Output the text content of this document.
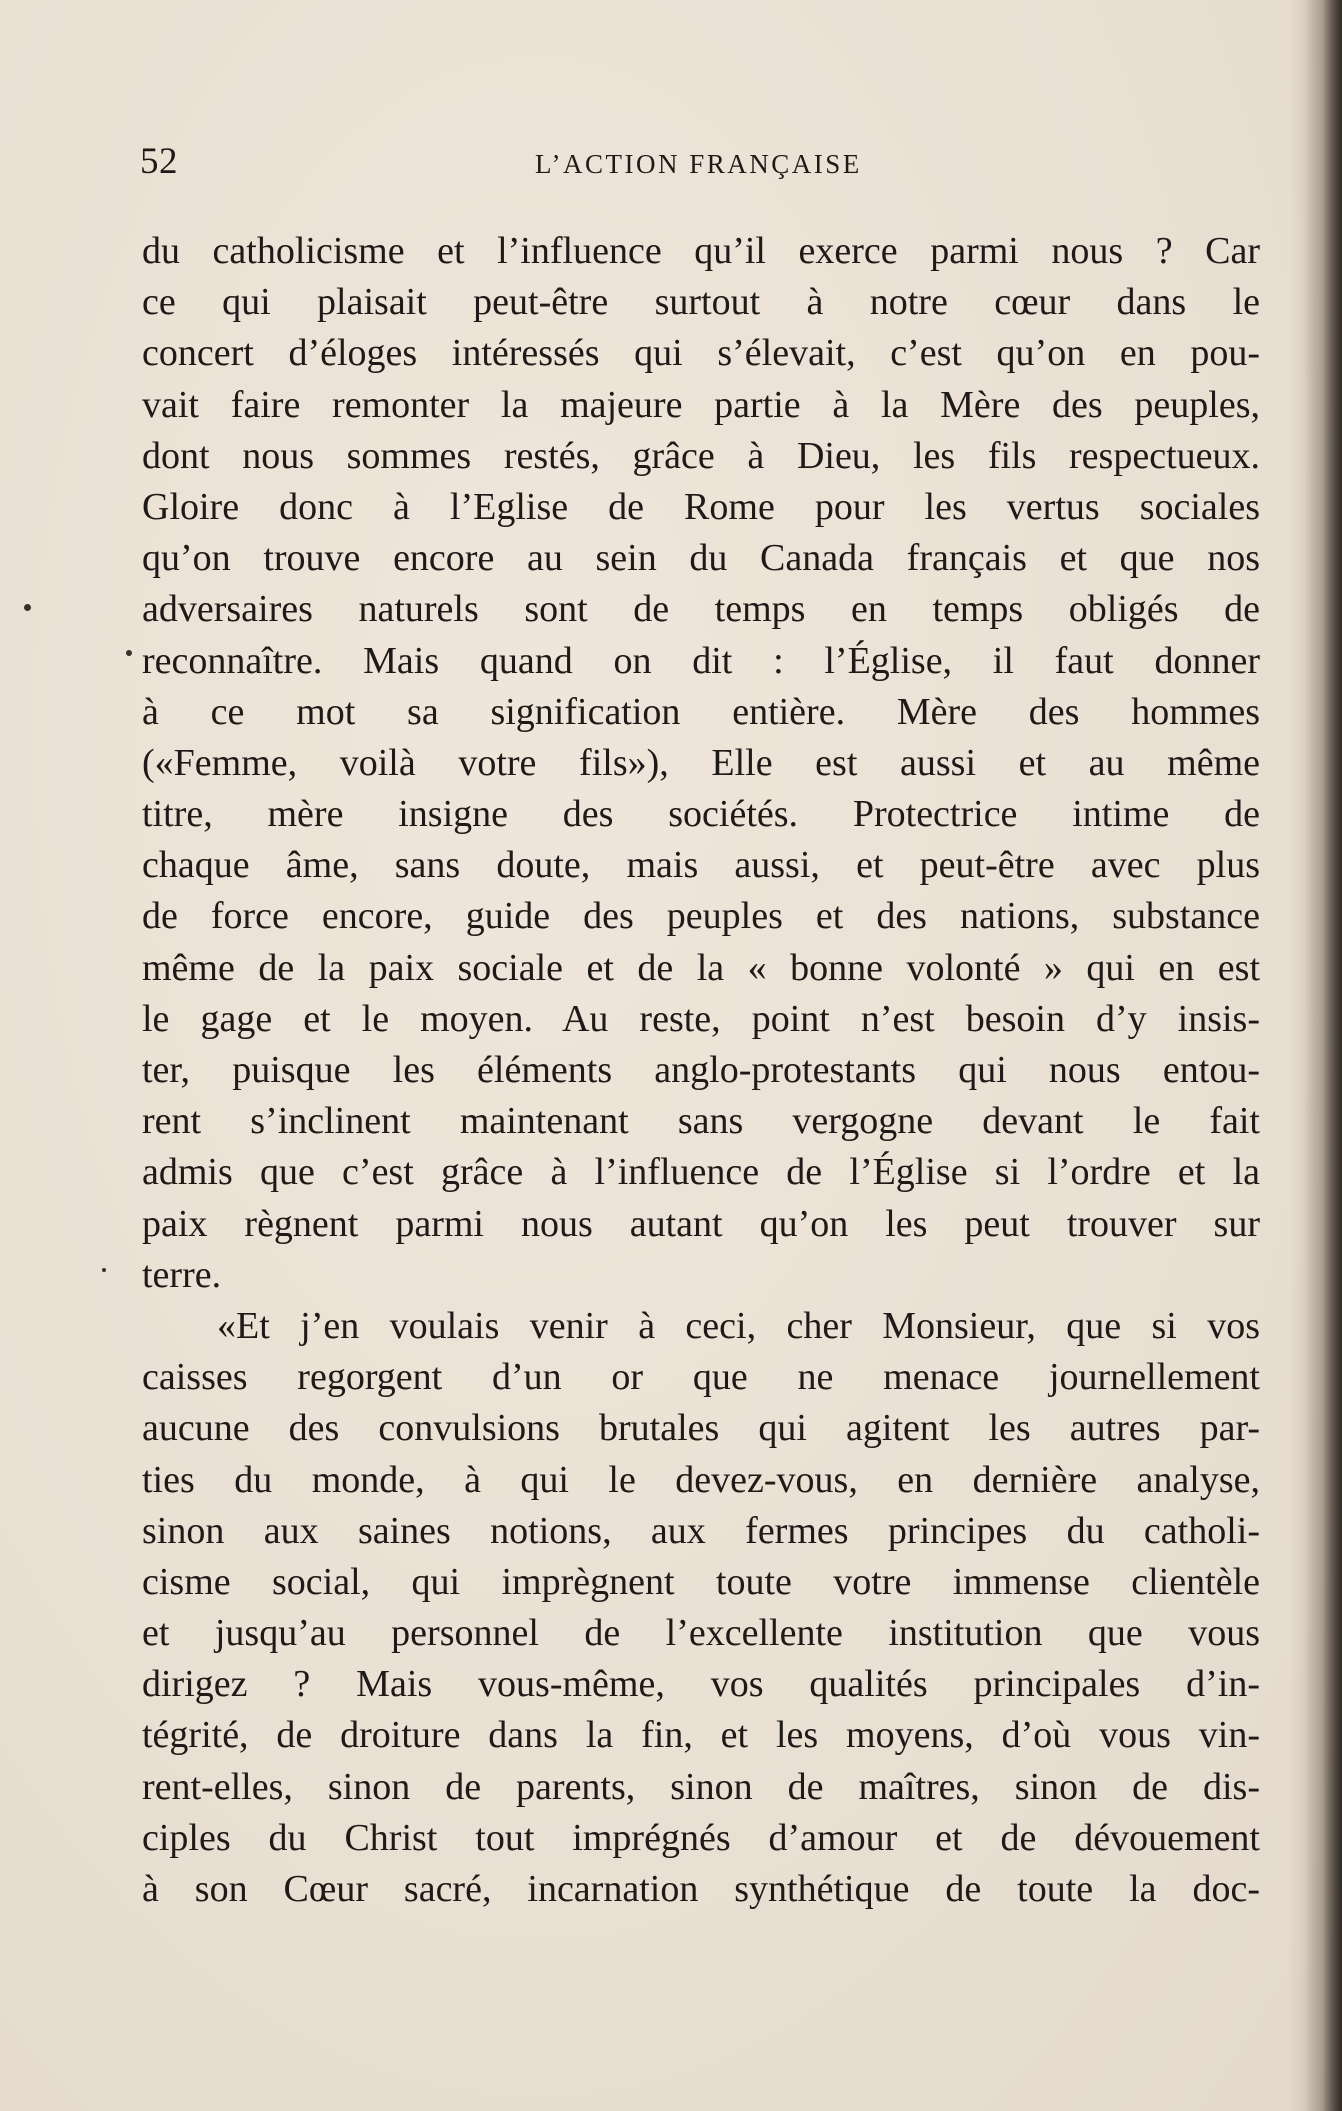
52	L’ACTION FRANÇAISE
du catholicisme et l’influence qu’il exerce parmi nous ? Car
ce qui plaisait peut-être surtout à notre cœur dans le
concert d’éloges intéressés qui s’élevait, c’est qu’on en pou-
vait faire remonter la majeure partie à la Mère des peuples,
dont nous sommes restés, grâce à Dieu, les fils respectueux.
Gloire donc à l’Eglise de Rome pour les vertus sociales
qu’on trouve encore au sein du Canada français et que nos
adversaires naturels sont de temps en temps obligés de
reconnaître. Mais quand on dit : l’Église, il faut donner
à ce mot sa signification entière. Mère des hommes
(«Femme, voilà votre fils»), Elle est aussi et au même
titre, mère insigne des sociétés. Protectrice intime de
chaque âme, sans doute, mais aussi, et peut-être avec plus
de force encore, guide des peuples et des nations, substance
même de la paix sociale et de la « bonne volonté » qui en est
le gage et le moyen. Au reste, point n’est besoin d’y insis-
ter, puisque les éléments anglo-protestants qui nous entou-
rent s’inclinent maintenant sans vergogne devant le fait
admis que c’est grâce à l’influence de l’Église si l’ordre et la
paix règnent parmi nous autant qu’on les peut trouver sur
terre.
«Et j’en voulais venir à ceci, cher Monsieur, que si vos
caisses regorgent d’un or que ne menace journellement
aucune des convulsions brutales qui agitent les autres par-
ties du monde, à qui le devez-vous, en dernière analyse,
sinon aux saines notions, aux fermes principes du catholi-
cisme social, qui imprègnent toute votre immense clientèle
et jusqu’au personnel de l’excellente institution que vous
dirigez ? Mais vous-même, vos qualités principales d’in-
tégrité, de droiture dans la fin, et les moyens, d’où vous vin-
rent-elles, sinon de parents, sinon de maîtres, sinon de dis-
ciples du Christ tout imprégnés d’amour et de dévouement
à son Cœur sacré, incarnation synthétique de toute la doc-
